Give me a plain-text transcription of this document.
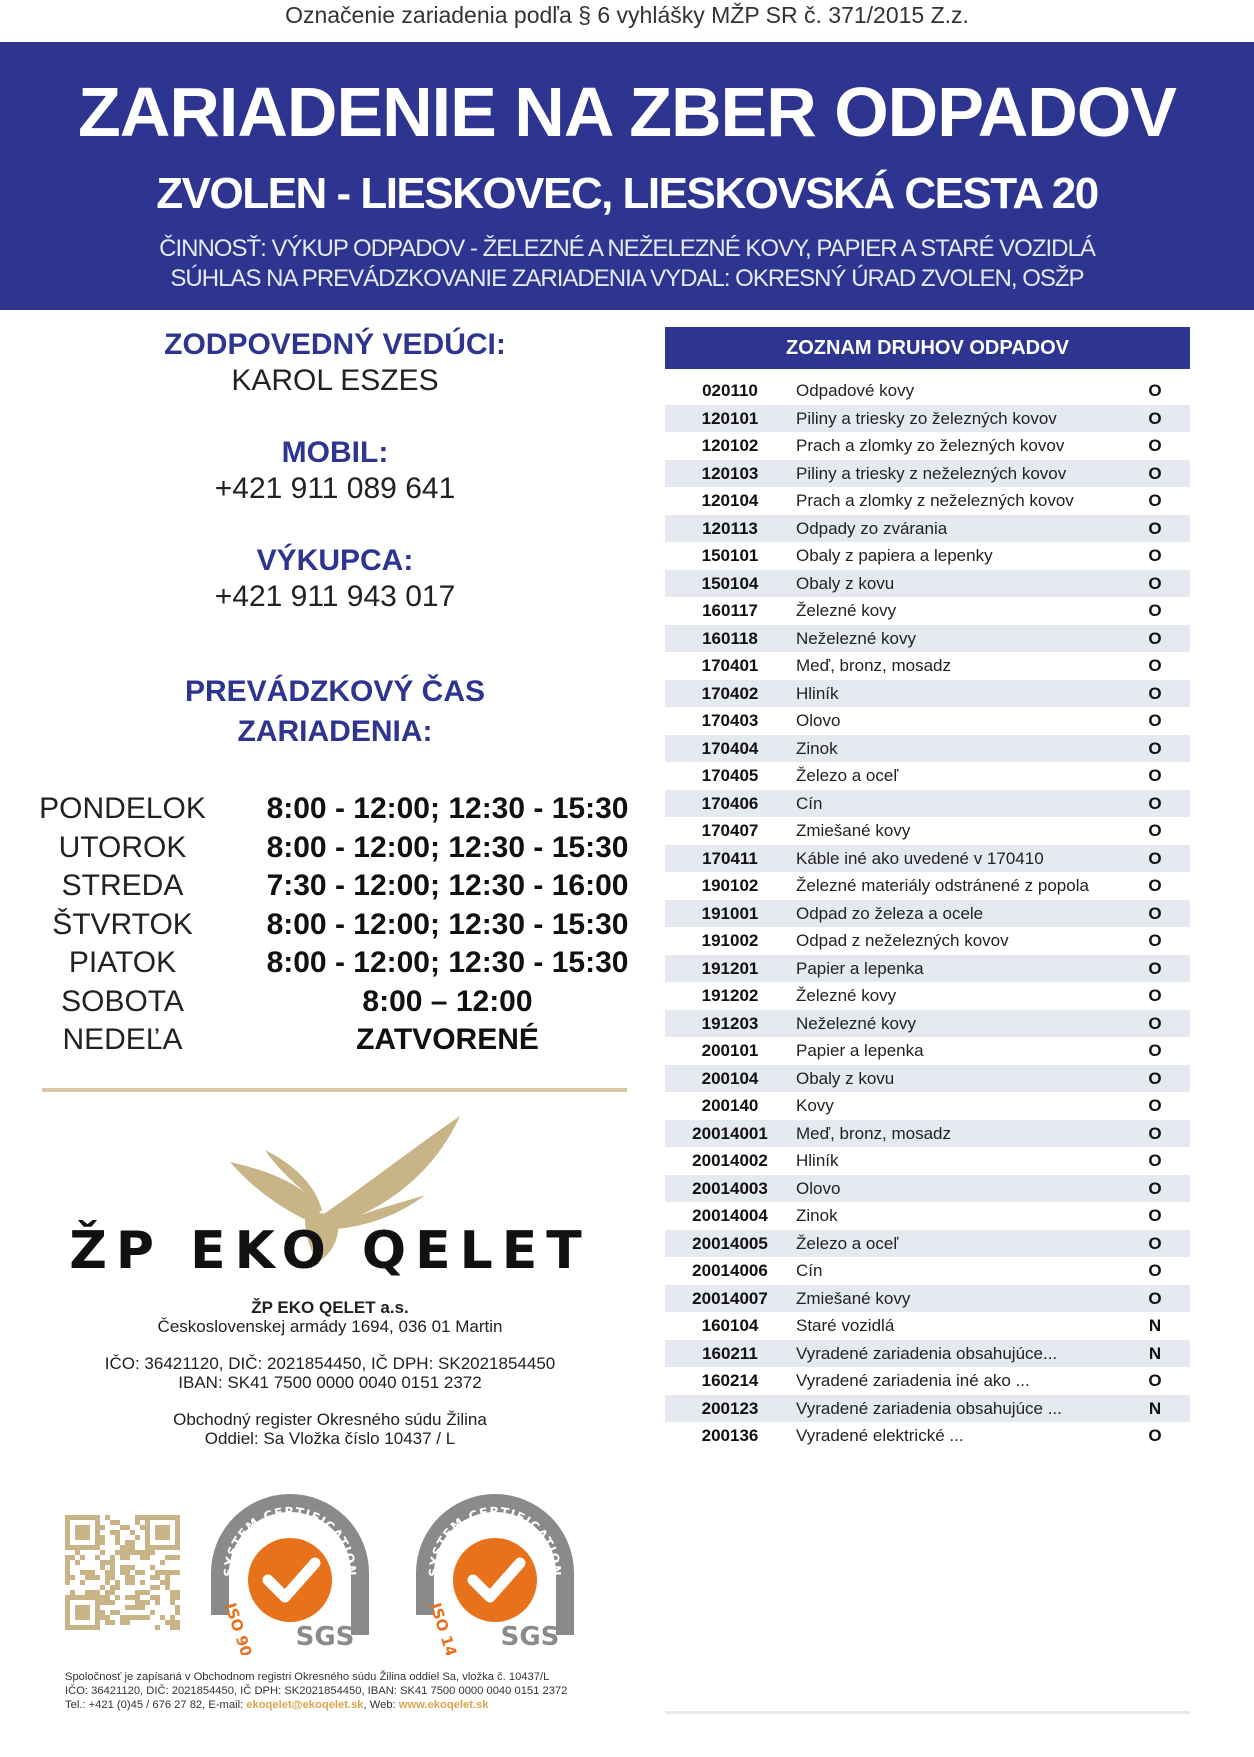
Označenie zariadenia podľa § 6 vyhlášky MŽP SR č. 371/2015 Z.z.
ZARIADENIE NA ZBER ODPADOV
ZVOLEN - LIESKOVEC, LIESKOVSKÁ CESTA 20
ČINNOSŤ: VÝKUP ODPADOV - ŽELEZNÉ A NEŽELEZNÉ KOVY, PAPIER A STARÉ VOZIDLÁ
SÚHLAS NA PREVÁDZKOVANIE ZARIADENIA VYDAL: OKRESNÝ ÚRAD ZVOLEN, OSŽP
ZODPOVEDNÝ VEDÚCI:
KAROL ESZES
MOBIL:
+421 911 089 641
VÝKUPCA:
+421 911 943 017
PREVÁDZKOVÝ ČAS
ZARIADENIA:
PONDELOK	8:00 - 12:00; 12:30 - 15:30
UTOROK	8:00 - 12:00; 12:30 - 15:30
STREDA	7:30 - 12:00; 12:30 - 16:00
ŠTVRTOK	8:00 - 12:00; 12:30 - 15:30
PIATOK	8:00 - 12:00; 12:30 - 15:30
SOBOTA	8:00 – 12:00
NEDEĽA	ZATVORENÉ
ŽP EKO QELET
ŽP EKO QELET a.s.
Československej armády 1694, 036 01 Martin
IČO: 36421120, DIČ: 2021854450, IČ DPH: SK2021854450
IBAN: SK41 7500 0000 0040 0151 2372
Obchodný register Okresného súdu Žilina
Oddiel: Sa Vložka číslo 10437 / L
SYSTEM CERTIFICATION
ISO 9001 SGS
SYSTEM CERTIFICATION
ISO 14001 SGS
Spoločnosť je zapísaná v Obchodnom registri Okresného súdu Žilina oddiel Sa, vložka č. 10437/L
IČO: 36421120, DIČ: 2021854450, IČ DPH: SK2021854450, IBAN: SK41 7500 0000 0040 0151 2372
Tel.: +421 (0)45 / 676 27 82, E-mail: ekoqelet@ekoqelet.sk, Web: www.ekoqelet.sk
ZOZNAM DRUHOV ODPADOV
020110	Odpadové kovy	O
120101	Piliny a triesky zo železných kovov	O
120102	Prach a zlomky zo železných kovov	O
120103	Piliny a triesky z neželezných kovov	O
120104	Prach a zlomky z neželezných kovov	O
120113	Odpady zo zvárania	O
150101	Obaly z papiera a lepenky	O
150104	Obaly z kovu	O
160117	Železné kovy	O
160118	Neželezné kovy	O
170401	Meď, bronz, mosadz	O
170402	Hliník	O
170403	Olovo	O
170404	Zinok	O
170405	Železo a oceľ	O
170406	Cín	O
170407	Zmiešané kovy	O
170411	Káble iné ako uvedené v 170410	O
190102	Železné materiály odstránené z popola	O
191001	Odpad zo železa a ocele	O
191002	Odpad z neželezných kovov	O
191201	Papier a lepenka	O
191202	Železné kovy	O
191203	Neželezné kovy	O
200101	Papier a lepenka	O
200104	Obaly z kovu	O
200140	Kovy	O
20014001	Meď, bronz, mosadz	O
20014002	Hliník	O
20014003	Olovo	O
20014004	Zinok	O
20014005	Železo a oceľ	O
20014006	Cín	O
20014007	Zmiešané kovy	O
160104	Staré vozidlá	N
160211	Vyradené zariadenia obsahujúce...	N
160214	Vyradené zariadenia iné ako ...	O
200123	Vyradené zariadenia obsahujúce ...	N
200136	Vyradené elektrické ...	O
